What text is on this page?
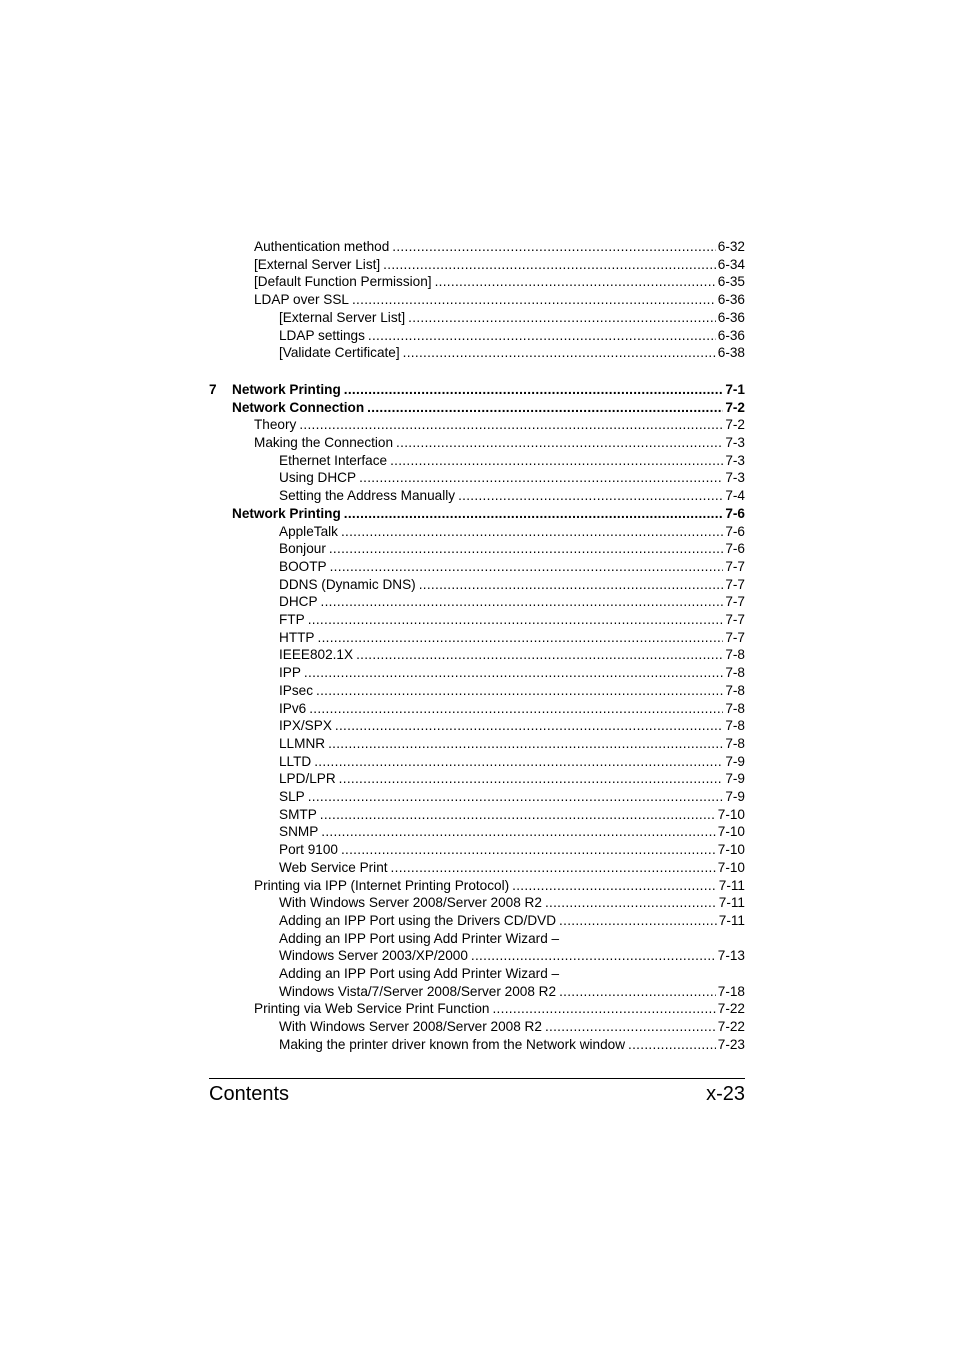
Authentication method .....	6-32
[External Server List] .....	6-34
[Default Function Permission] .....	6-35
LDAP over SSL .....	6-36
[External Server List] .....	6-36
LDAP settings .....	6-36
[Validate Certificate] .....	6-38
7 Network Printing .....	7-1
Network Connection .....	7-2
Theory .....	7-2
Making the Connection .....	7-3
Ethernet Interface .....	7-3
Using DHCP .....	7-3
Setting the Address Manually .....	7-4
Network Printing .....	7-6
AppleTalk .....	7-6
Bonjour .....	7-6
BOOTP .....	7-7
DDNS (Dynamic DNS) .....	7-7
DHCP .....	7-7
FTP .....	7-7
HTTP .....	7-7
IEEE802.1X .....	7-8
IPP .....	7-8
IPsec .....	7-8
IPv6 .....	7-8
IPX/SPX .....	7-8
LLMNR .....	7-8
LLTD .....	7-9
LPD/LPR .....	7-9
SLP .....	7-9
SMTP .....	7-10
SNMP .....	7-10
Port 9100 .....	7-10
Web Service Print .....	7-10
Printing via IPP (Internet Printing Protocol) .....	7-11
With Windows Server 2008/Server 2008 R2 .....	7-11
Adding an IPP Port using the Drivers CD/DVD .....	7-11
Adding an IPP Port using Add Printer Wizard –
Windows Server 2003/XP/2000 .....	7-13
Adding an IPP Port using Add Printer Wizard –
Windows Vista/7/Server 2008/Server 2008 R2 .....	7-18
Printing via Web Service Print Function .....	7-22
With Windows Server 2008/Server 2008 R2 .....	7-22
Making the printer driver known from the Network window .....	7-23
Contents	x-23
